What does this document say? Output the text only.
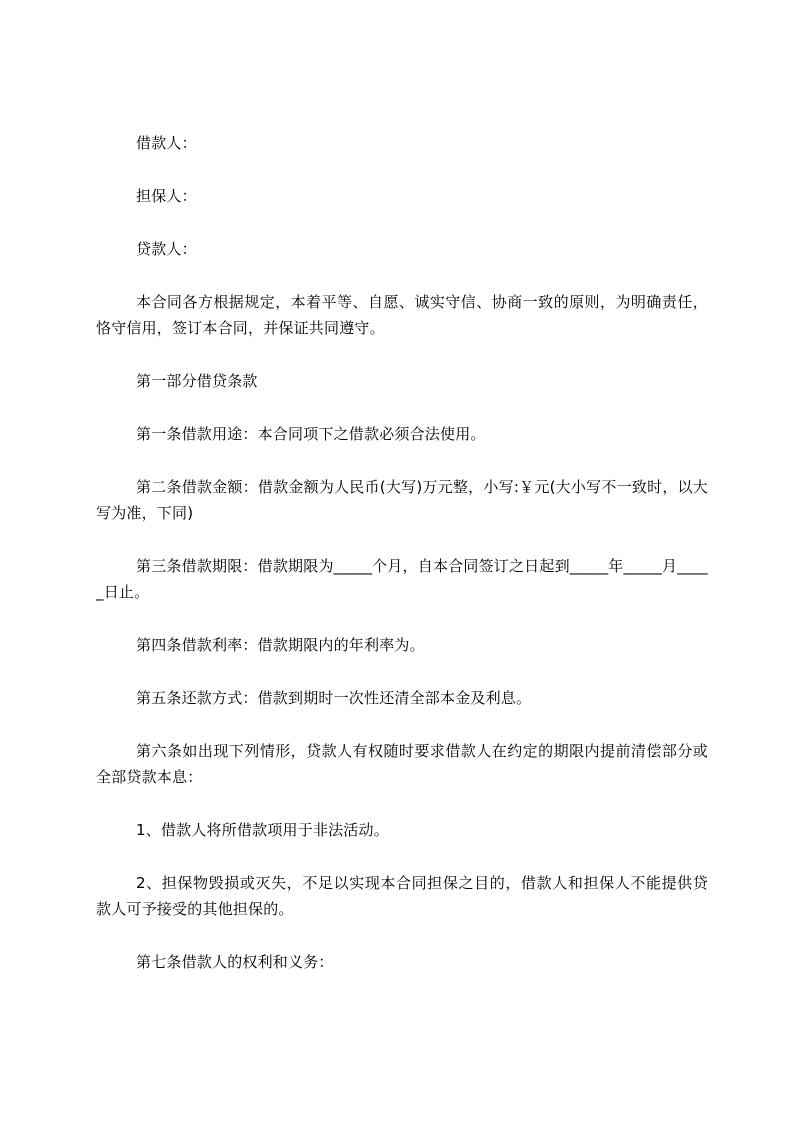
借款人：

担保人：

贷款人：

本合同各方根据规定，本着平等、自愿、诚实守信、协商一致的原则，为明确责任，恪守信用，签订本合同，并保证共同遵守。

第一部分借贷条款

第一条借款用途：本合同项下之借款必须合法使用。

第二条借款金额：借款金额为人民币(大写)万元整，小写:￥元(大小写不一致时，以大写为准，下同)

第三条借款期限：借款期限为_____个月，自本合同签订之日起到_____年_____月_____日止。

第四条借款利率：借款期限内的年利率为。

第五条还款方式：借款到期时一次性还清全部本金及利息。

第六条如出现下列情形，贷款人有权随时要求借款人在约定的期限内提前清偿部分或全部贷款本息：

1、借款人将所借款项用于非法活动。

2、担保物毁损或灭失，不足以实现本合同担保之目的，借款人和担保人不能提供贷款人可予接受的其他担保的。

第七条借款人的权利和义务：
